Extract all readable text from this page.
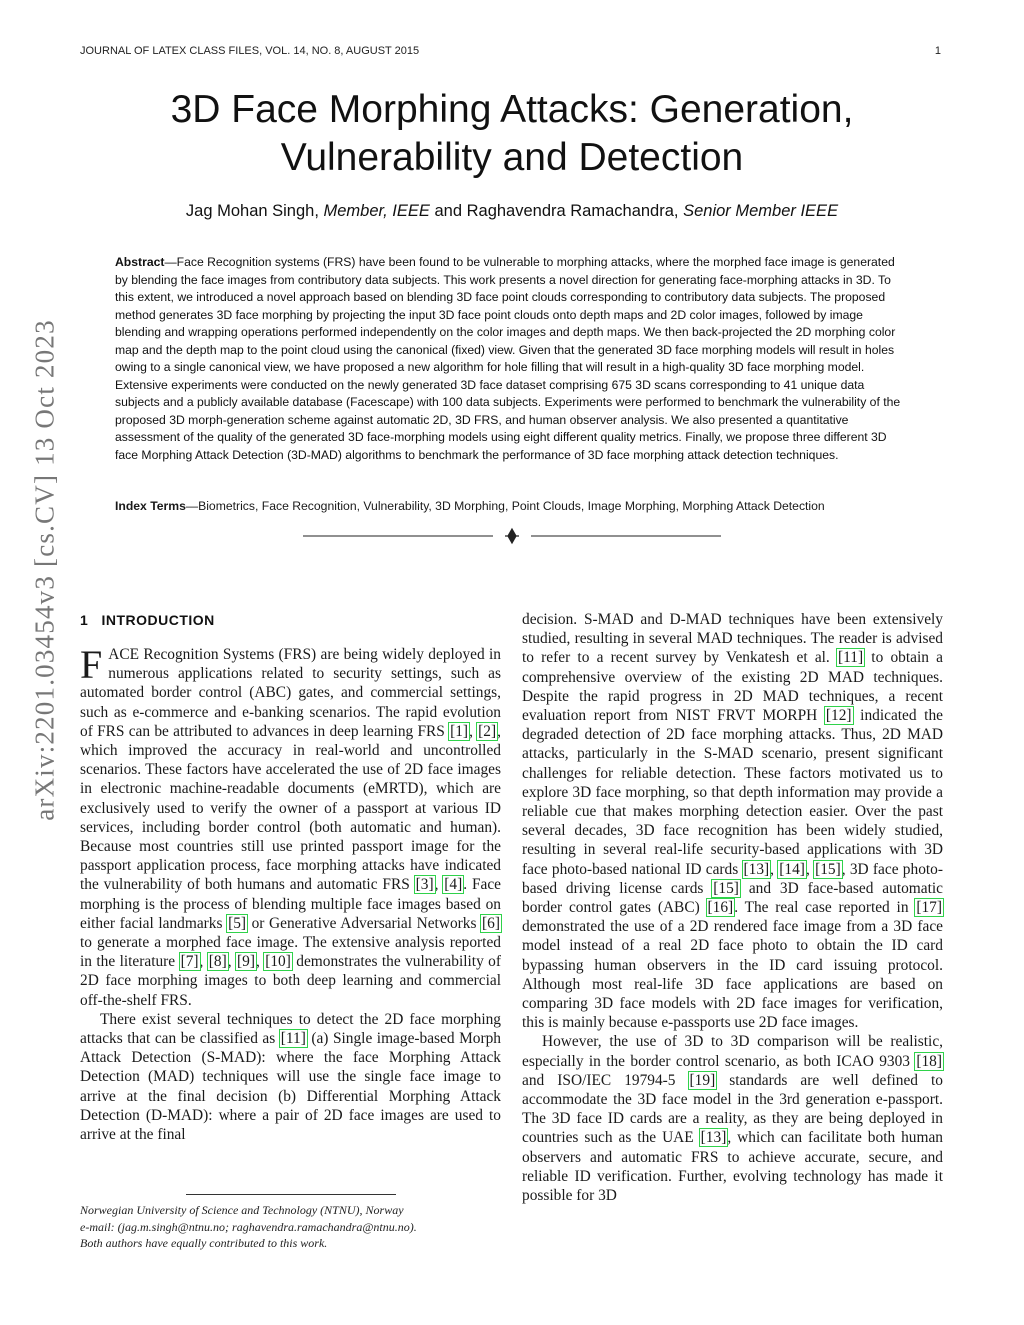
JOURNAL OF LATEX CLASS FILES, VOL. 14, NO. 8, AUGUST 2015	1
arXiv:2201.03454v3 [cs.CV] 13 Oct 2023
3D Face Morphing Attacks: Generation,
Vulnerability and Detection
Jag Mohan Singh, Member, IEEE and Raghavendra Ramachandra, Senior Member IEEE
Abstract—Face Recognition systems (FRS) have been found to be vulnerable to morphing attacks, where the morphed face image is generated by blending the face images from contributory data subjects. This work presents a novel direction for generating face-morphing attacks in 3D. To this extent, we introduced a novel approach based on blending 3D face point clouds corresponding to contributory data subjects. The proposed method generates 3D face morphing by projecting the input 3D face point clouds onto depth maps and 2D color images, followed by image blending and wrapping operations performed independently on the color images and depth maps. We then back-projected the 2D morphing color map and the depth map to the point cloud using the canonical (fixed) view. Given that the generated 3D face morphing models will result in holes owing to a single canonical view, we have proposed a new algorithm for hole filling that will result in a high-quality 3D face morphing model. Extensive experiments were conducted on the newly generated 3D face dataset comprising 675 3D scans corresponding to 41 unique data subjects and a publicly available database (Facescape) with 100 data subjects. Experiments were performed to benchmark the vulnerability of the proposed 3D morph-generation scheme against automatic 2D, 3D FRS, and human observer analysis. We also presented a quantitative assessment of the quality of the generated 3D face-morphing models using eight different quality metrics. Finally, we propose three different 3D face Morphing Attack Detection (3D-MAD) algorithms to benchmark the performance of 3D face morphing attack detection techniques.
Index Terms—Biometrics, Face Recognition, Vulnerability, 3D Morphing, Point Clouds, Image Morphing, Morphing Attack Detection
1 INTRODUCTION

FACE Recognition Systems (FRS) are being widely deployed in numerous applications related to security settings, such as automated border control (ABC) gates, and commercial settings, such as e-commerce and e-banking scenarios. The rapid evolution of FRS can be attributed to advances in deep learning FRS [1], [2], which improved the accuracy in real-world and uncontrolled scenarios. These factors have accelerated the use of 2D face images in electronic machine-readable documents (eMRTD), which are exclusively used to verify the owner of a passport at various ID services, including border control (both automatic and human). Because most countries still use printed passport image for the passport application process, face morphing attacks have indicated the vulnerability of both humans and automatic FRS [3], [4]. Face morphing is the process of blending multiple face images based on either facial landmarks [5] or Generative Adversarial Networks [6] to generate a morphed face image. The extensive analysis reported in the literature [7], [8], [9], [10] demonstrates the vulnerability of 2D face morphing images to both deep learning and commercial off-the-shelf FRS.

There exist several techniques to detect the 2D face morphing attacks that can be classified as [11] (a) Single image-based Morph Attack Detection (S-MAD): where the face Morphing Attack Detection (MAD) techniques will use the single face image to arrive at the final decision (b) Differential Morphing Attack Detection (D-MAD): where a pair of 2D face images are used to arrive at the final

decision. S-MAD and D-MAD techniques have been extensively studied, resulting in several MAD techniques. The reader is advised to refer to a recent survey by Venkatesh et al. [11] to obtain a comprehensive overview of the existing 2D MAD techniques. Despite the rapid progress in 2D MAD techniques, a recent evaluation report from NIST FRVT MORPH [12] indicated the degraded detection of 2D face morphing attacks. Thus, 2D MAD attacks, particularly in the S-MAD scenario, present significant challenges for reliable detection. These factors motivated us to explore 3D face morphing, so that depth information may provide a reliable cue that makes morphing detection easier. Over the past several decades, 3D face recognition has been widely studied, resulting in several real-life security-based applications with 3D face photo-based national ID cards [13], [14], [15], 3D face photo-based driving license cards [15] and 3D face-based automatic border control gates (ABC) [16]. The real case reported in [17] demonstrated the use of a 2D rendered face image from a 3D face model instead of a real 2D face photo to obtain the ID card bypassing human observers in the ID card issuing protocol. Although most real-life 3D face applications are based on comparing 3D face models with 2D face images for verification, this is mainly because e-passports use 2D face images.

However, the use of 3D to 3D comparison will be realistic, especially in the border control scenario, as both ICAO 9303 [18] and ISO/IEC 19794-5 [19] standards are well defined to accommodate the 3D face model in the 3rd generation e-passport. The 3D face ID cards are a reality, as they are being deployed in countries such as the UAE [13], which can facilitate both human observers and automatic FRS to achieve accurate, secure, and reliable ID verification. Further, evolving technology has made it possible for 3D

Norwegian University of Science and Technology (NTNU), Norway
e-mail: (jag.m.singh@ntnu.no; raghavendra.ramachandra@ntnu.no).
Both authors have equally contributed to this work.
